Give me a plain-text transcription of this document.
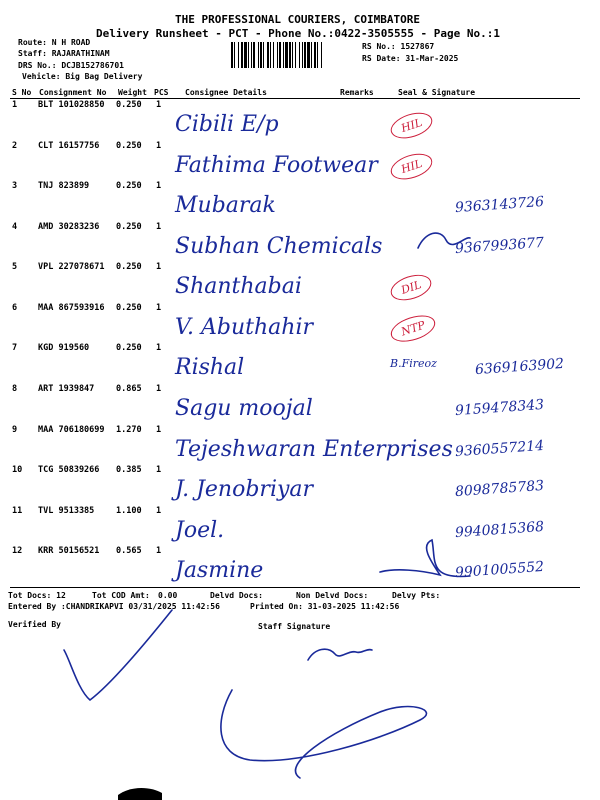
THE PROFESSIONAL COURIERS, COIMBATORE
Delivery Runsheet - PCT - Phone No.:0422-3505555 - Page No.:1
Route: N H ROAD
Staff: RAJARATHINAM
DRS No.: DCJB152786701
Vehicle: Big Bag Delivery
RS No.: 1527867
RS Date: 31-Mar-2025
S No Consignment No Weight PCS Consignee Details	Remarks	Seal & Signature
1 BLT 101028850 0.250 1
Cibili E/p	HIL
2 CLT 16157756 0.250 1
Fathima Footwear	HIL
3 TNJ 823899	0.250 1
Mubarak	9363143726
4 AMD 30283236 0.250 1
Subhan Chemicals	9367993677
5 VPL 227078671 0.250 1
Shanthabai	DIL
6 MAA 867593916 0.250 1
V. Abuthahir	NTP
7 KGD 919560	0.250 1
Rishal	B.Fireoz	6369163902
8 ART 1939847	0.865 1
Sagu moojal	9159478343
9 MAA 706180699 1.270 1
Tejeshwaran Enterprises 9360557214
10 TCG 50839266 0.385 1
J. Jenobriyar	8098785783
11 TVL 9513385	1.100 1
Joel.	9940815368
12 KRR 50156521 0.565 1
Jasmine	9901005552
Tot Docs: 12	Tot COD Amt: 0.00	Delvd Docs:	Non Delvd Docs:	Delvy Pts:
Entered By :CHANDRIKAPVI 03/31/2025 11:42:56	Printed On: 31-03-2025 11:42:56
Verified By	Staff Signature
